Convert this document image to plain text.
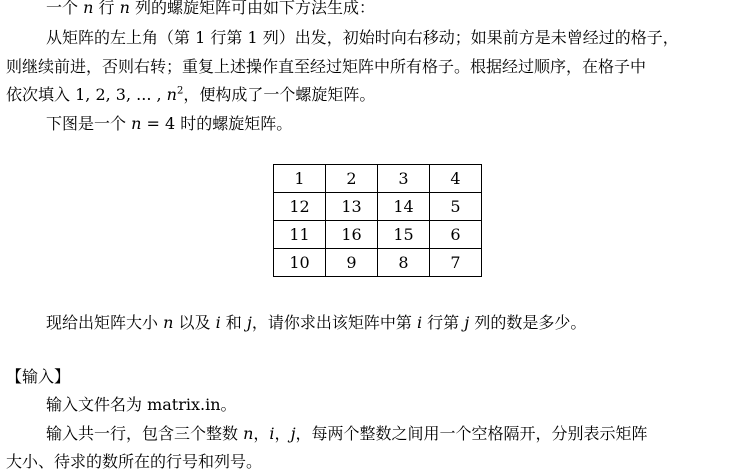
一个 n 行 n 列的螺旋矩阵可由如下方法生成：
从矩阵的左上角（第 1 行第 1 列）出发，初始时向右移动；如果前方是未曾经过的格子，
则继续前进，否则右转；重复上述操作直至经过矩阵中所有格子。根据经过顺序，在格子中
依次填入 1, 2, 3, ... , $n^2$，便构成了一个螺旋矩阵。
下图是一个 n = 4 时的螺旋矩阵。
1	2	3	4
12	13	14	5
11	16	15	6
10	9	8	7
现给出矩阵大小 n 以及 i 和 j，请你求出该矩阵中第 i 行第 j 列的数是多少。
【输入】
输入文件名为 matrix.in。
输入共一行，包含三个整数 n，i，j，每两个整数之间用一个空格隔开，分别表示矩阵
大小、待求的数所在的行号和列号。
